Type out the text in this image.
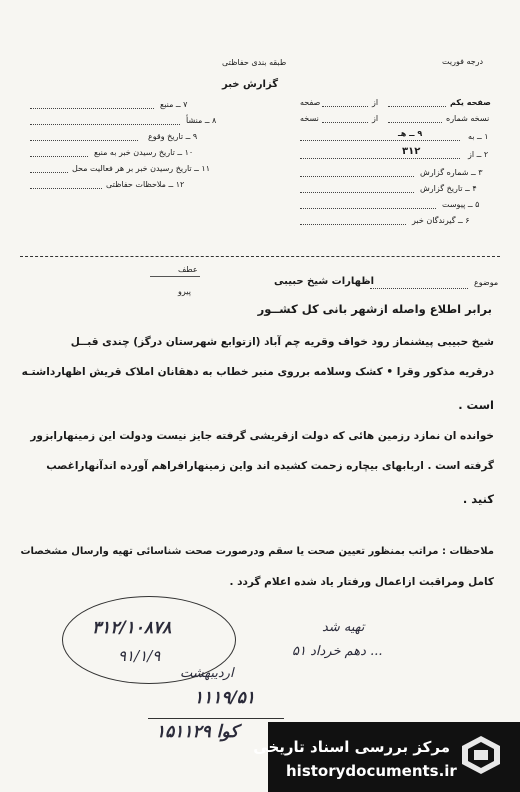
طبقه بندی حفاظتی	درجه فوریت
گزارش خبر
۷ ــ منبع
۸ ــ منشأ
۹ ــ تاریخ وقوع
۱۰ ــ تاریخ رسیدن خبر به منبع
۱۱ ــ تاریخ رسیدن خبر بر هر فعالیت محل
۱۲ ــ ملاحظات حفاظتی
صفحه یکم
از
صفحه
نسخه شماره
از
نسخه
۱ ــ به
۹ ــ هـ
۲ ــ از
۳۱۲
۳ ــ شماره گزارش
۴ ــ تاریخ گزارش
۵ ــ پیوست
۶ ــ گیرندگان خبر
عطف
پیرو
موضوع
اظهارات شیخ حبیبی
برابر اطلاع واصله ازشهر بانی کل کشــور
شیخ حبیبی پیشنماز رود خواف وقریه چم آباد (ازتوابع شهرستان درگز) چندی قبــل
درقریه مذکور وقرا • کشک وسلامه برروی منبر خطاب به دهقانان املاک قریش اظهارداشتـه
است .
خوانده ان نمازد رزمین هائی که دولت ازقریشی گرفته جایز نیست ودولت این زمینهارابزور
گرفته است . اربابهای بیچاره زحمت کشیده اند واین زمینهارافراهم آورده اندآنهاراغصب
کنید .
ملاحظات : مراتب بمنظور تعیین صحت یا سقم ودرصورت صحت شناسائی تهیه وارسال مشخصات
کامل ومراقبت ازاعمال ورفتار یاد شده اعلام گردد .
۳۱۲/۱۰۸۷۸
۹۱/۱/۹
تهیه شد
دهم خرداد ۵۱ ...
اردیبهشت
۱۱۱۹/۵۱
۱۵۱۱۲۹ کوا
مرکز بررسی اسناد تاریخی
historydocuments.ir
